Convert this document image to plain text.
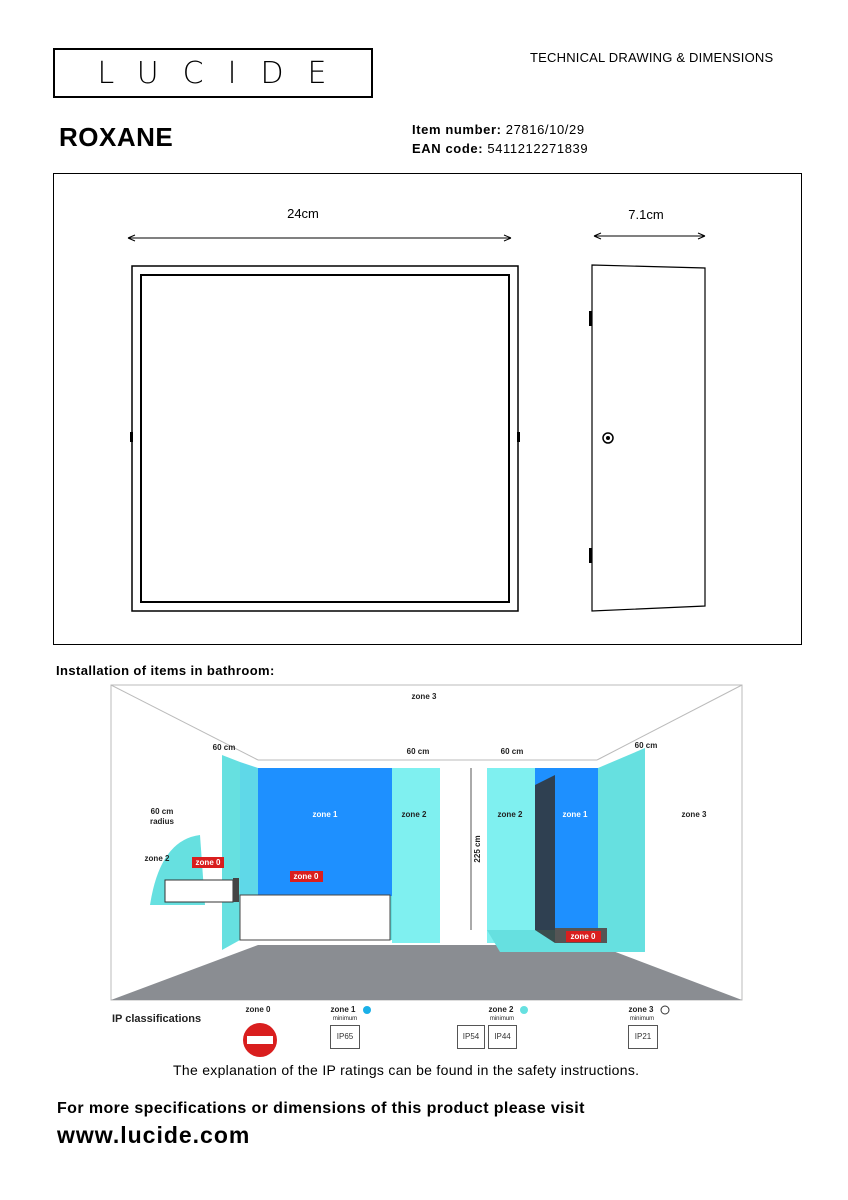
LUCIDE	TECHNICAL DRAWING & DIMENSIONS
ROXANE	Item number: 27816/10/29
EAN code: 5411212271839
24cm	7.1cm
Installation of items in bathroom:
zone 3
zone 3
60 cm	60 cm	60 cm
60 cm
60 cm
radius
zone 2
zone 1	zone 2	zone 2	zone 1
225 cm
zone 0
zone 0
zone 0
IP classifications
zone 0	zone 1
minimum
zone 2
minimum
zone 3
minimum
IP65	IP54	IP44	IP21
The explanation of the IP ratings can be found in the safety instructions.
For more specifications or dimensions of this product please visit
www.lucide.com
